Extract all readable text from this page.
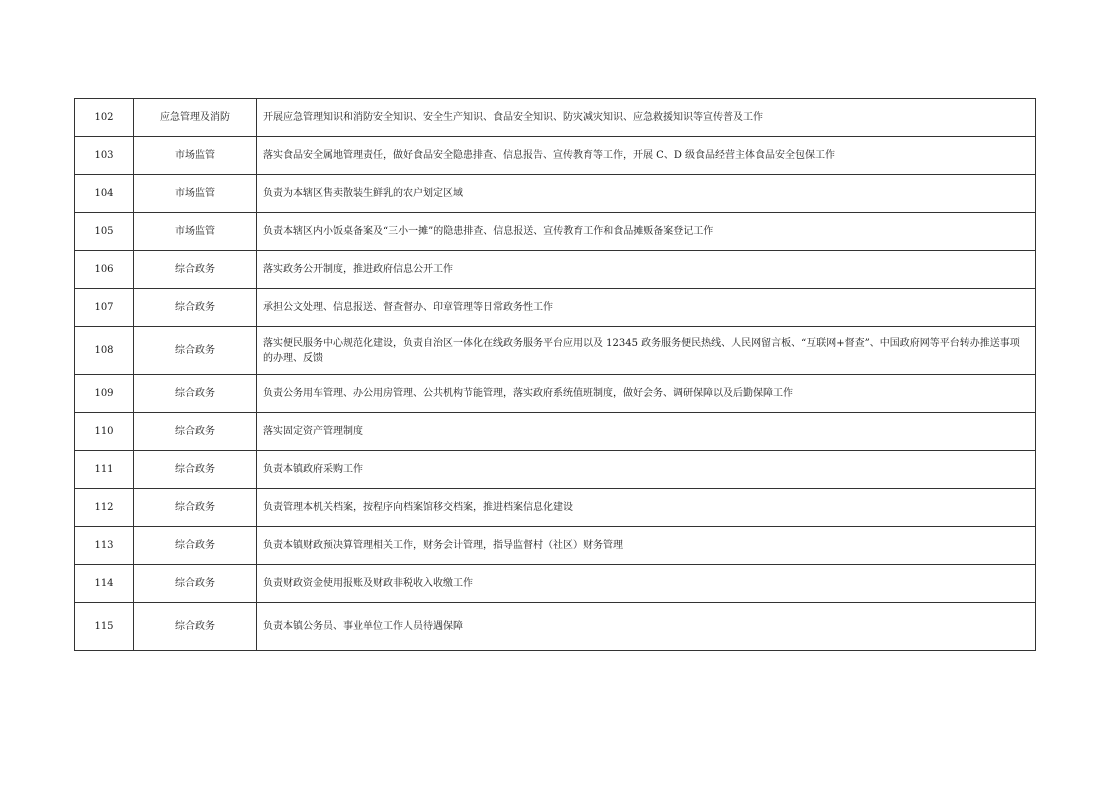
102	应急管理及消防	开展应急管理知识和消防安全知识、安全生产知识、食品安全知识、防灾减灾知识、应急救援知识等宣传普及工作
103	市场监管	落实食品安全属地管理责任，做好食品安全隐患排查、信息报告、宣传教育等工作，开展 C、D 级食品经营主体食品安全包保工作
104	市场监管	负责为本辖区售卖散装生鲜乳的农户划定区域
105	市场监管	负责本辖区内小饭桌备案及“三小一摊”的隐患排查、信息报送、宣传教育工作和食品摊贩备案登记工作
106	综合政务	落实政务公开制度，推进政府信息公开工作
107	综合政务	承担公文处理、信息报送、督查督办、印章管理等日常政务性工作
108	综合政务	落实便民服务中心规范化建设，负责自治区一体化在线政务服务平台应用以及 12345 政务服务便民热线、人民网留言板、“互联网+督查”、中国政府网等平台转办推送事项的办理、反馈
109	综合政务	负责公务用车管理、办公用房管理、公共机构节能管理，落实政府系统值班制度，做好会务、调研保障以及后勤保障工作
110	综合政务	落实固定资产管理制度
111	综合政务	负责本镇政府采购工作
112	综合政务	负责管理本机关档案，按程序向档案馆移交档案，推进档案信息化建设
113	综合政务	负责本镇财政预决算管理相关工作，财务会计管理，指导监督村（社区）财务管理
114	综合政务	负责财政资金使用报账及财政非税收入收缴工作
115	综合政务	负责本镇公务员、事业单位工作人员待遇保障
